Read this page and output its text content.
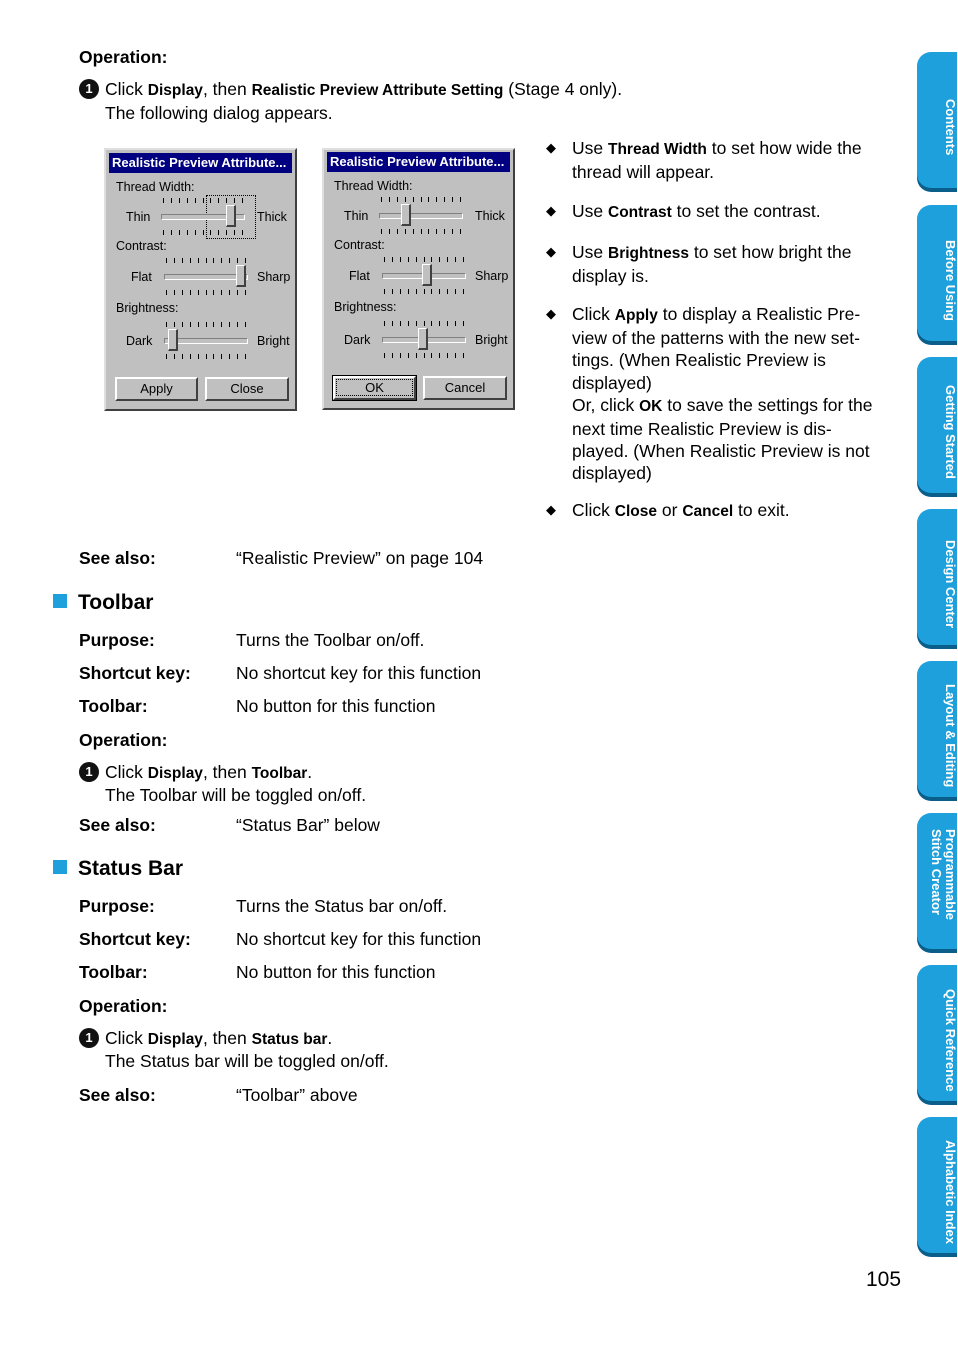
Operation:
1 Click Display, then Realistic Preview Attribute Setting (Stage 4 only).
The following dialog appears.
Realistic Preview Attribute...
Thread Width:
Thin	Thick
Contrast:
Flat	Sharp
Brightness:
Dark	Bright
Apply	Close
Realistic Preview Attribute...
Thread Width:
Thin	Thick
Contrast:
Flat	Sharp
Brightness:
Dark	Bright
OK	Cancel
◆ Use Thread Width to set how wide the
thread will appear.
◆ Use Contrast to set the contrast.
◆ Use Brightness to set how bright the
display is.
◆ Click Apply to display a Realistic Pre-
view of the patterns with the new set-
tings. (When Realistic Preview is
displayed)
Or, click OK to save the settings for the
next time Realistic Preview is dis-
played. (When Realistic Preview is not
displayed)
◆ Click Close or Cancel to exit.
See also:	“Realistic Preview” on page 104
Toolbar
Purpose:	Turns the Toolbar on/off.
Shortcut key:	No shortcut key for this function
Toolbar:	No button for this function
Operation:
1 Click Display, then Toolbar.
The Toolbar will be toggled on/off.
See also:	“Status Bar” below
Status Bar
Purpose:	Turns the Status bar on/off.
Shortcut key:	No shortcut key for this function
Toolbar:	No button for this function
Operation:
1 Click Display, then Status bar.
The Status bar will be toggled on/off.
See also:	“Toolbar” above
Contents
Before Using
Getting Started
Design Center
Layout & Editing
Programmable Stitch Creator
Quick Reference
Alphabetic Index
105
